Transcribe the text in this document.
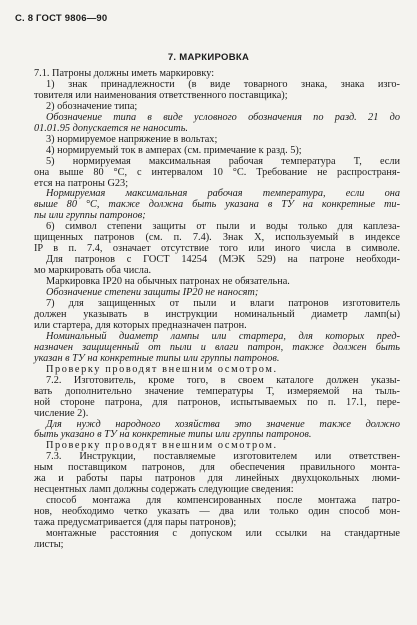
С. 8 ГОСТ 9806—90
7. МАРКИРОВКА
7.1. Патроны должны иметь маркировку:
1) знак принадлежности (в виде товарного знака, знака изго-
товителя или наименования ответственного поставщика);
2) обозначение типа;
Обозначение типа в виде условного обозначения по разд. 21 до
01.01.95 допускается не наносить.
3) нормируемое напряжение в вольтах;
4) нормируемый ток в амперах (см. примечание к разд. 5);
5) нормируемая максимальная рабочая температура T, если
она выше 80 °С, с интервалом 10 °С. Требование не распространя-
ется на патроны G23;
Нормируемая максимальная рабочая температура, если она
выше 80 °С, также должна быть указана в ТУ на конкретные ти-
пы или группы патронов;
6) символ степени защиты от пыли и воды только для каплеза-
щищенных патронов (см. п. 7.4). Знак X, используемый в индексе
IP в п. 7.4, означает отсутствие того или иного числа в символе.
Для патронов с ГОСТ 14254 (МЭК 529) на патроне необходи-
мо маркировать оба числа.
Маркировка IP20 на обычных патронах не обязательна.
Обозначение степени защиты IP20 не наносят;
7) для защищенных от пыли и влаги патронов изготовитель
должен указывать в инструкции номинальный диаметр ламп(ы)
или стартера, для которых предназначен патрон.
Номинальный диаметр лампы или стартера, для которых пред-
назначен защищенный от пыли и влаги патрон, также должен быть
указан в ТУ на конкретные типы или группы патронов.
Проверку проводят внешним осмотром.
7.2. Изготовитель, кроме того, в своем каталоге должен указы-
вать дополнительно значение температуры T, измеряемой на тыль-
ной стороне патрона, для патронов, испытываемых по п. 17.1, пере-
числение 2).
Для нужд народного хозяйства это значение также должно
быть указано в ТУ на конкретные типы или группы патронов.
Проверку проводят внешним осмотром.
7.3. Инструкции, поставляемые изготовителем или ответствен-
ным поставщиком патронов, для обеспечения правильного монта-
жа и работы пары патронов для линейных двухцокольных люми-
несцентных ламп должны содержать следующие сведения:
способ монтажа для компенсированных после монтажа патро-
нов, необходимо четко указать — два или только один способ мон-
тажа предусматривается (для пары патронов);
монтажные расстояния с допуском или ссылки на стандартные
листы;
